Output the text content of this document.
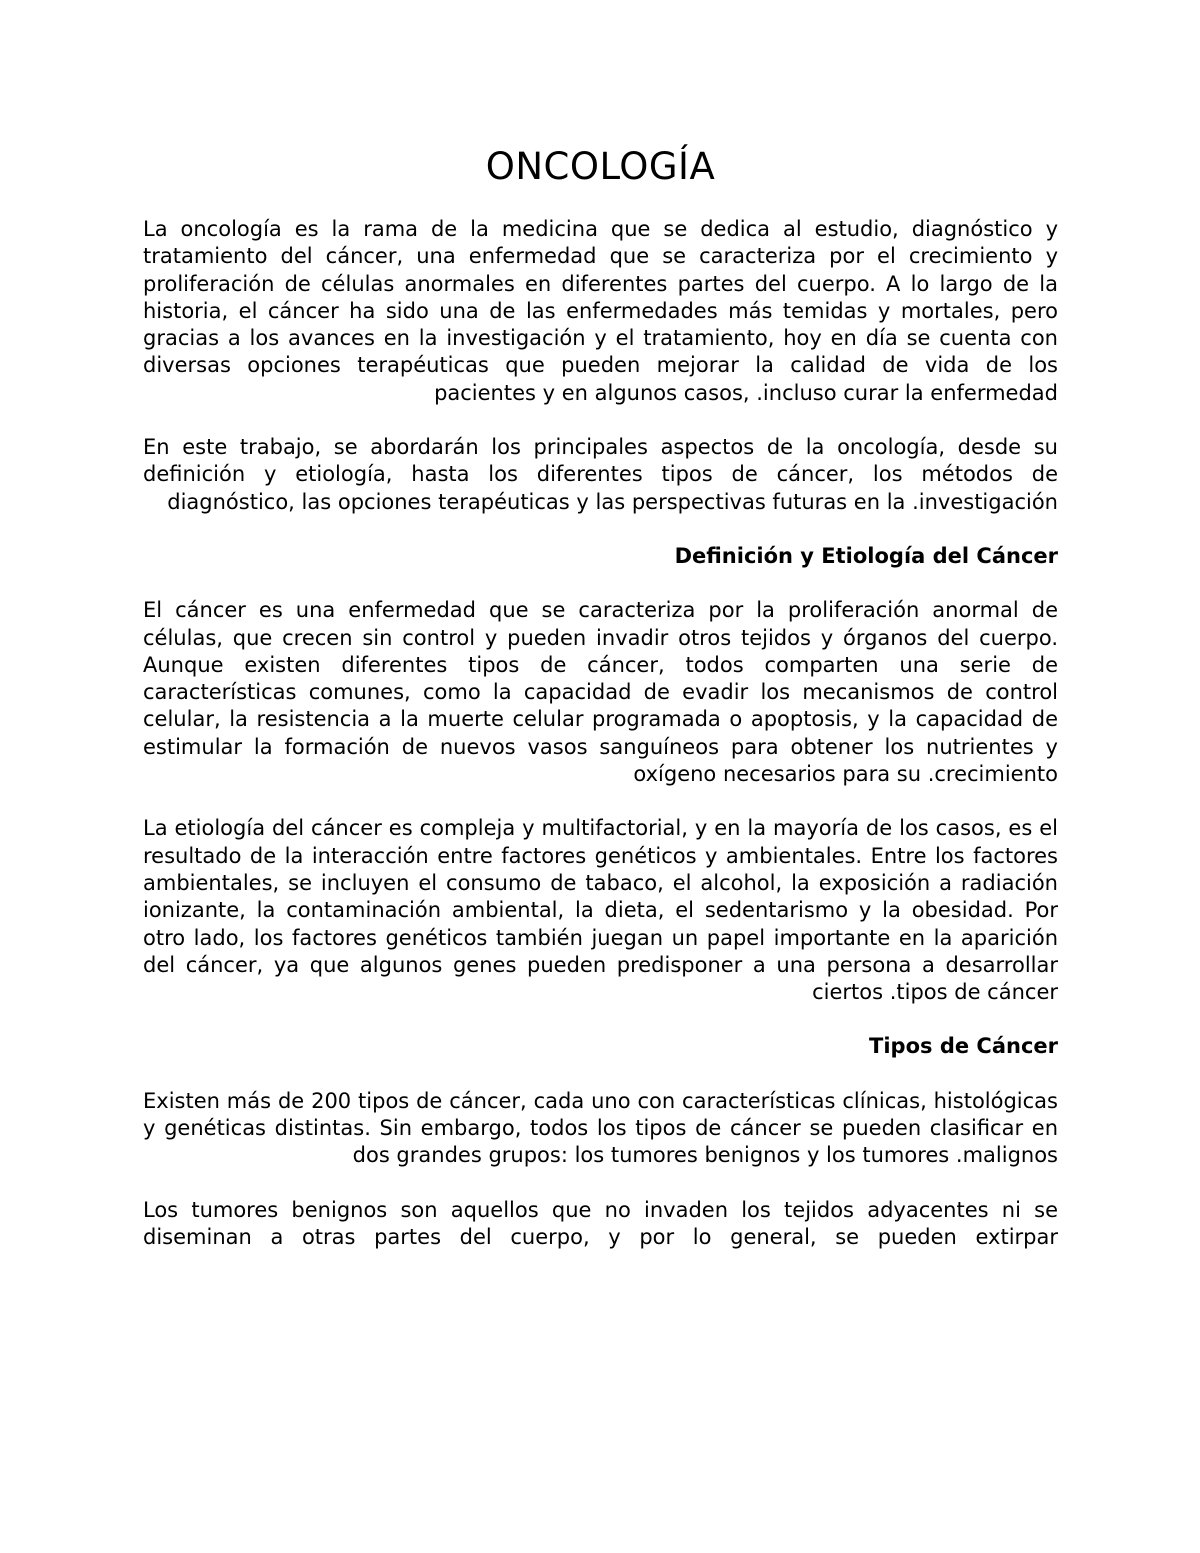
ONCOLOGÍA

La oncología es la rama de la medicina que se dedica al estudio, diagnóstico y tratamiento del cáncer, una enfermedad que se caracteriza por el crecimiento y proliferación de células anormales en diferentes partes del cuerpo. A lo largo de la historia, el cáncer ha sido una de las enfermedades más temidas y mortales, pero gracias a los avances en la investigación y el tratamiento, hoy en día se cuenta con diversas opciones terapéuticas que pueden mejorar la calidad de vida de los pacientes y en algunos casos, .incluso curar la enfermedad

En este trabajo, se abordarán los principales aspectos de la oncología, desde su definición y etiología, hasta los diferentes tipos de cáncer, los métodos de diagnóstico, las opciones terapéuticas y las perspectivas futuras en la .investigación

Definición y Etiología del Cáncer

El cáncer es una enfermedad que se caracteriza por la proliferación anormal de células, que crecen sin control y pueden invadir otros tejidos y órganos del cuerpo. Aunque existen diferentes tipos de cáncer, todos comparten una serie de características comunes, como la capacidad de evadir los mecanismos de control celular, la resistencia a la muerte celular programada o apoptosis, y la capacidad de estimular la formación de nuevos vasos sanguíneos para obtener los nutrientes y oxígeno necesarios para su .crecimiento

La etiología del cáncer es compleja y multifactorial, y en la mayoría de los casos, es el resultado de la interacción entre factores genéticos y ambientales. Entre los factores ambientales, se incluyen el consumo de tabaco, el alcohol, la exposición a radiación ionizante, la contaminación ambiental, la dieta, el sedentarismo y la obesidad. Por otro lado, los factores genéticos también juegan un papel importante en la aparición del cáncer, ya que algunos genes pueden predisponer a una persona a desarrollar ciertos .tipos de cáncer

Tipos de Cáncer

Existen más de 200 tipos de cáncer, cada uno con características clínicas, histológicas y genéticas distintas. Sin embargo, todos los tipos de cáncer se pueden clasificar en dos grandes grupos: los tumores benignos y los tumores .malignos

Los tumores benignos son aquellos que no invaden los tejidos adyacentes ni se diseminan a otras partes del cuerpo, y por lo general, se pueden extirpar
